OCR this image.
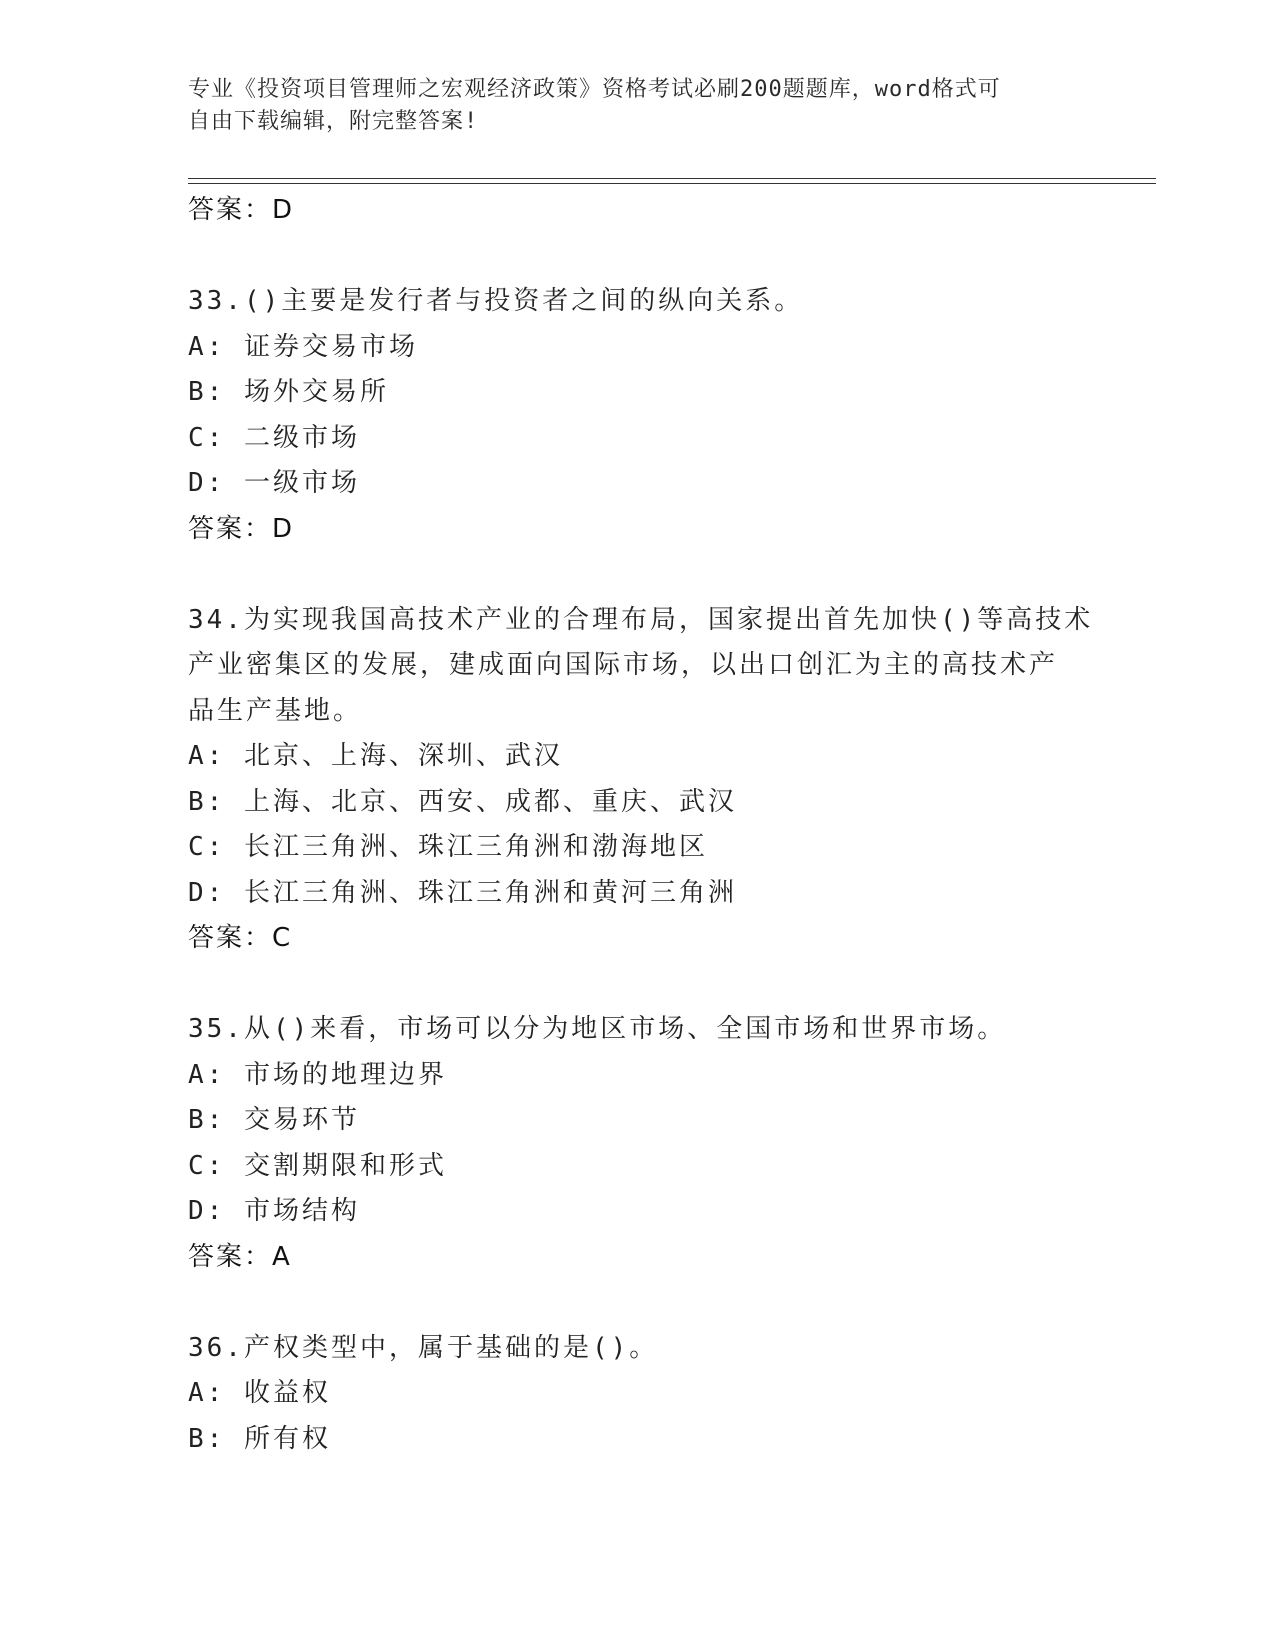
专业《投资项目管理师之宏观经济政策》资格考试必刷200题题库，word格式可
自由下载编辑，附完整答案!
答案：D
33.()主要是发行者与投资者之间的纵向关系。
A: 证券交易市场
B: 场外交易所
C: 二级市场
D: 一级市场
答案：D
34.为实现我国高技术产业的合理布局，国家提出首先加快()等高技术
产业密集区的发展，建成面向国际市场，以出口创汇为主的高技术产
品生产基地。
A: 北京、上海、深圳、武汉
B: 上海、北京、西安、成都、重庆、武汉
C: 长江三角洲、珠江三角洲和渤海地区
D: 长江三角洲、珠江三角洲和黄河三角洲
答案：C
35.从()来看，市场可以分为地区市场、全国市场和世界市场。
A: 市场的地理边界
B: 交易环节
C: 交割期限和形式
D: 市场结构
答案：A
36.产权类型中，属于基础的是()。
A: 收益权
B: 所有权
